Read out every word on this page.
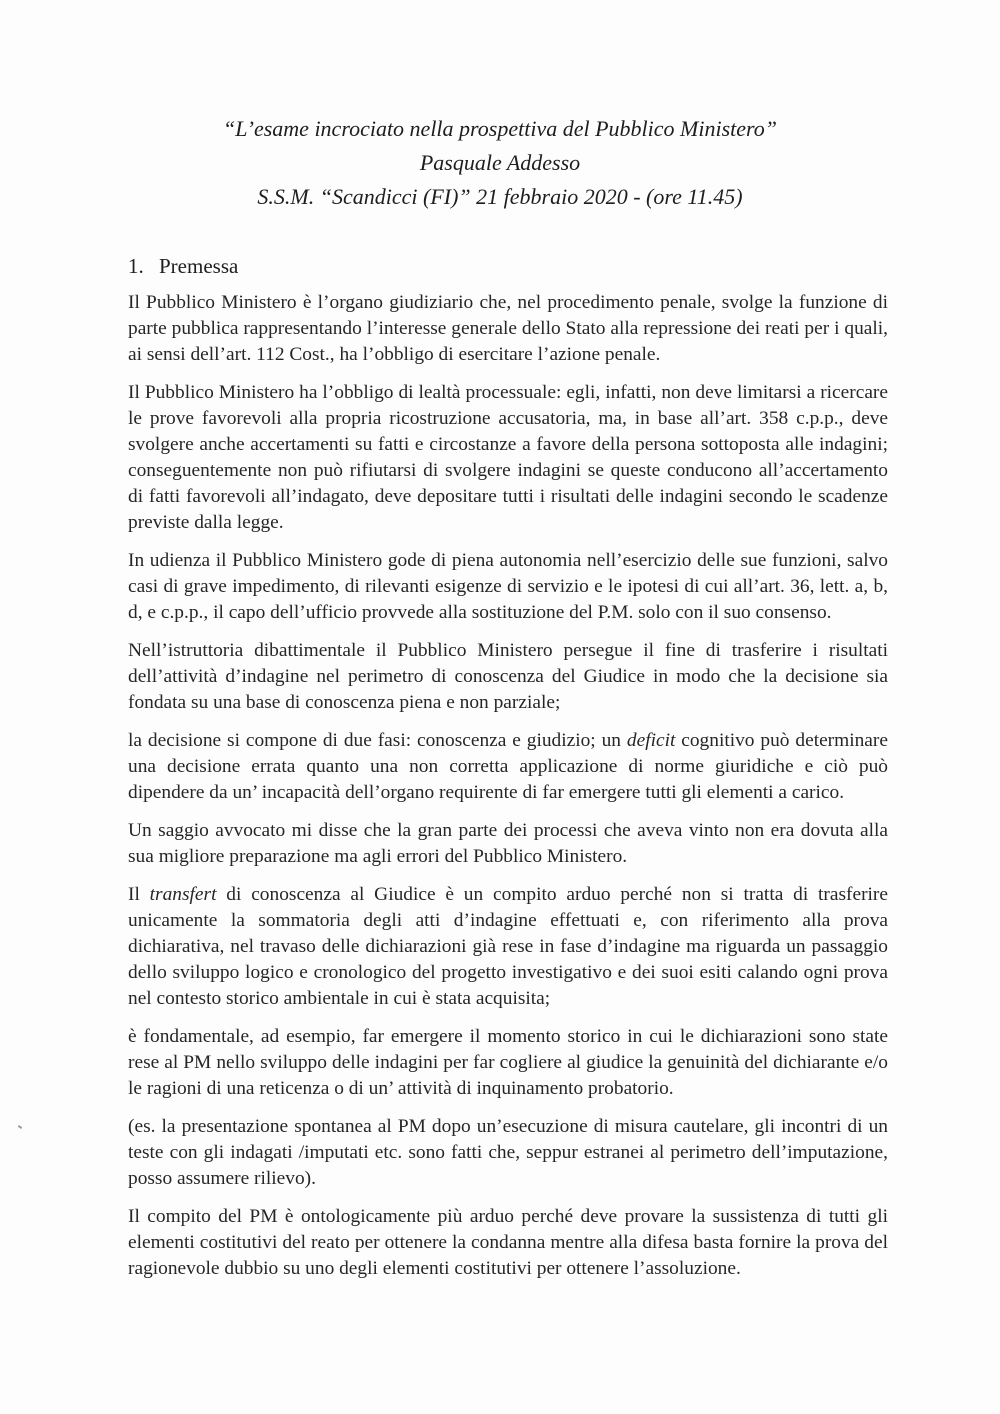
“L’esame incrociato nella prospettiva del Pubblico Ministero”
Pasquale Addesso
S.S.M. “Scandicci (FI)” 21 febbraio 2020 - (ore 11.45)
1. Premessa

Il Pubblico Ministero è l’organo giudiziario che, nel procedimento penale, svolge la funzione di parte pubblica rappresentando l’interesse generale dello Stato alla repressione dei reati per i quali, ai sensi dell’art. 112 Cost., ha l’obbligo di esercitare l’azione penale.

Il Pubblico Ministero ha l’obbligo di lealtà processuale: egli, infatti, non deve limitarsi a ricercare le prove favorevoli alla propria ricostruzione accusatoria, ma, in base all’art. 358 c.p.p., deve svolgere anche accertamenti su fatti e circostanze a favore della persona sottoposta alle indagini; conseguentemente non può rifiutarsi di svolgere indagini se queste conducono all’accertamento di fatti favorevoli all’indagato, deve depositare tutti i risultati delle indagini secondo le scadenze previste dalla legge.

In udienza il Pubblico Ministero gode di piena autonomia nell’esercizio delle sue funzioni, salvo casi di grave impedimento, di rilevanti esigenze di servizio e le ipotesi di cui all’art. 36, lett. a, b, d, e c.p.p., il capo dell’ufficio provvede alla sostituzione del P.M. solo con il suo consenso.

Nell’istruttoria dibattimentale il Pubblico Ministero persegue il fine di trasferire i risultati dell’attività d’indagine nel perimetro di conoscenza del Giudice in modo che la decisione sia fondata su una base di conoscenza piena e non parziale;

la decisione si compone di due fasi: conoscenza e giudizio; un deficit cognitivo può determinare una decisione errata quanto una non corretta applicazione di norme giuridiche e ciò può dipendere da un’ incapacità dell’organo requirente di far emergere tutti gli elementi a carico.

Un saggio avvocato mi disse che la gran parte dei processi che aveva vinto non era dovuta alla sua migliore preparazione ma agli errori del Pubblico Ministero.

Il transfert di conoscenza al Giudice è un compito arduo perché non si tratta di trasferire unicamente la sommatoria degli atti d’indagine effettuati e, con riferimento alla prova dichiarativa, nel travaso delle dichiarazioni già rese in fase d’indagine ma riguarda un passaggio dello sviluppo logico e cronologico del progetto investigativo e dei suoi esiti calando ogni prova nel contesto storico ambientale in cui è stata acquisita;

è fondamentale, ad esempio, far emergere il momento storico in cui le dichiarazioni sono state rese al PM nello sviluppo delle indagini per far cogliere al giudice la genuinità del dichiarante e/o le ragioni di una reticenza o di un’ attività di inquinamento probatorio.

(es. la presentazione spontanea al PM dopo un’esecuzione di misura cautelare, gli incontri di un teste con gli indagati /imputati etc. sono fatti che, seppur estranei al perimetro dell’imputazione, posso assumere rilievo).

Il compito del PM è ontologicamente più arduo perché deve provare la sussistenza di tutti gli elementi costitutivi del reato per ottenere la condanna mentre alla difesa basta fornire la prova del ragionevole dubbio su uno degli elementi costitutivi per ottenere l’assoluzione.
